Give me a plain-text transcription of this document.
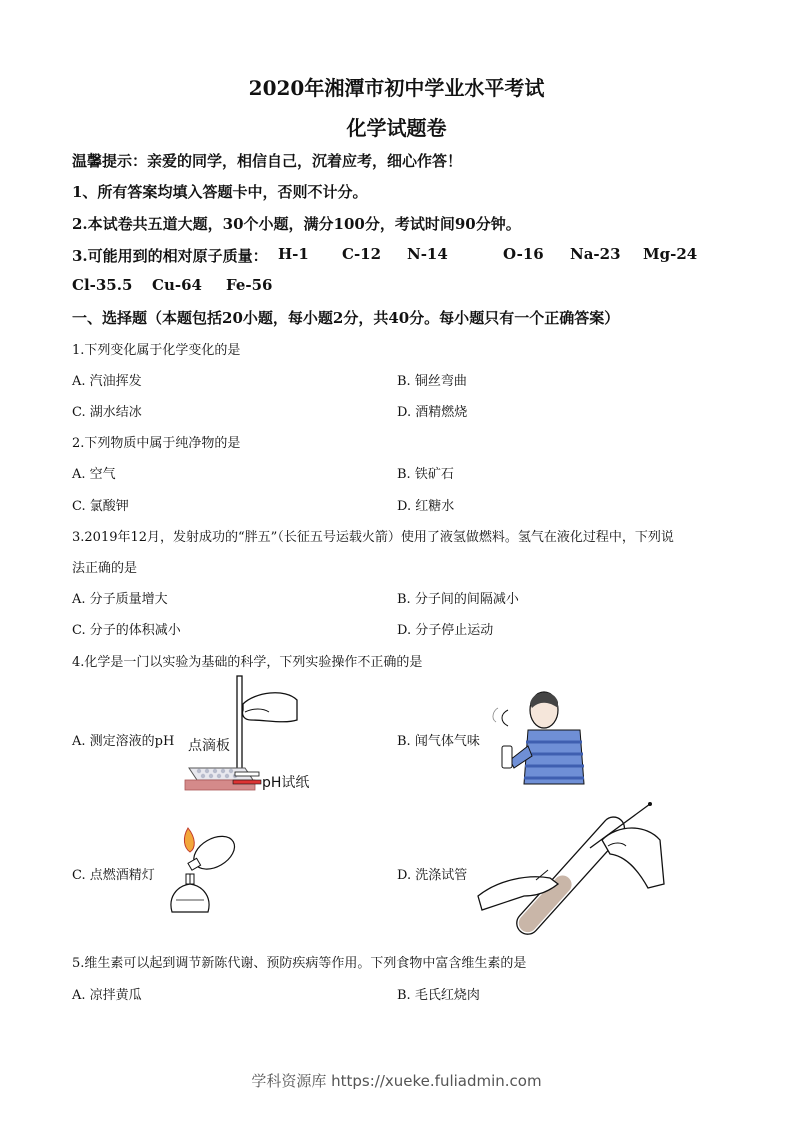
2020年湘潭市初中学业水平考试
化学试题卷
温馨提示：亲爱的同学，相信自己，沉着应考，细心作答！
1、所有答案均填入答题卡中，否则不计分。
2.本试卷共五道大题，30个小题，满分100分，考试时间90分钟。
3.可能用到的相对原子质量： H-1 C-12 N-14	O-16 Na-23 Mg-24
Cl-35.5 Cu-64 Fe-56
一、选择题（本题包括20小题，每小题2分，共40分。每小题只有一个正确答案）
1.下列变化属于化学变化的是
A. 汽油挥发	B. 铜丝弯曲
C. 湖水结冰	D. 酒精燃烧
2.下列物质中属于纯净物的是
A. 空气	B. 铁矿石
C. 氯酸钾	D. 红糖水
3.2019年12月，发射成功的“胖五”（长征五号运载火箭）使用了液氢做燃料。氢气在液化过程中，下列说
法正确的是
A. 分子质量增大	B. 分子间的间隔减小
C. 分子的体积减小	D. 分子停止运动
4.化学是一门以实验为基础的科学，下列实验操作不正确的是
A. 测定溶液的pH	B. 闻气体气味
C. 点燃酒精灯	D. 洗涤试管
点滴板
pH试纸
5.维生素可以起到调节新陈代谢、预防疾病等作用。下列食物中富含维生素的是
A. 凉拌黄瓜	B. 毛氏红烧肉
学科资源库 https://xueke.fuliadmin.com
